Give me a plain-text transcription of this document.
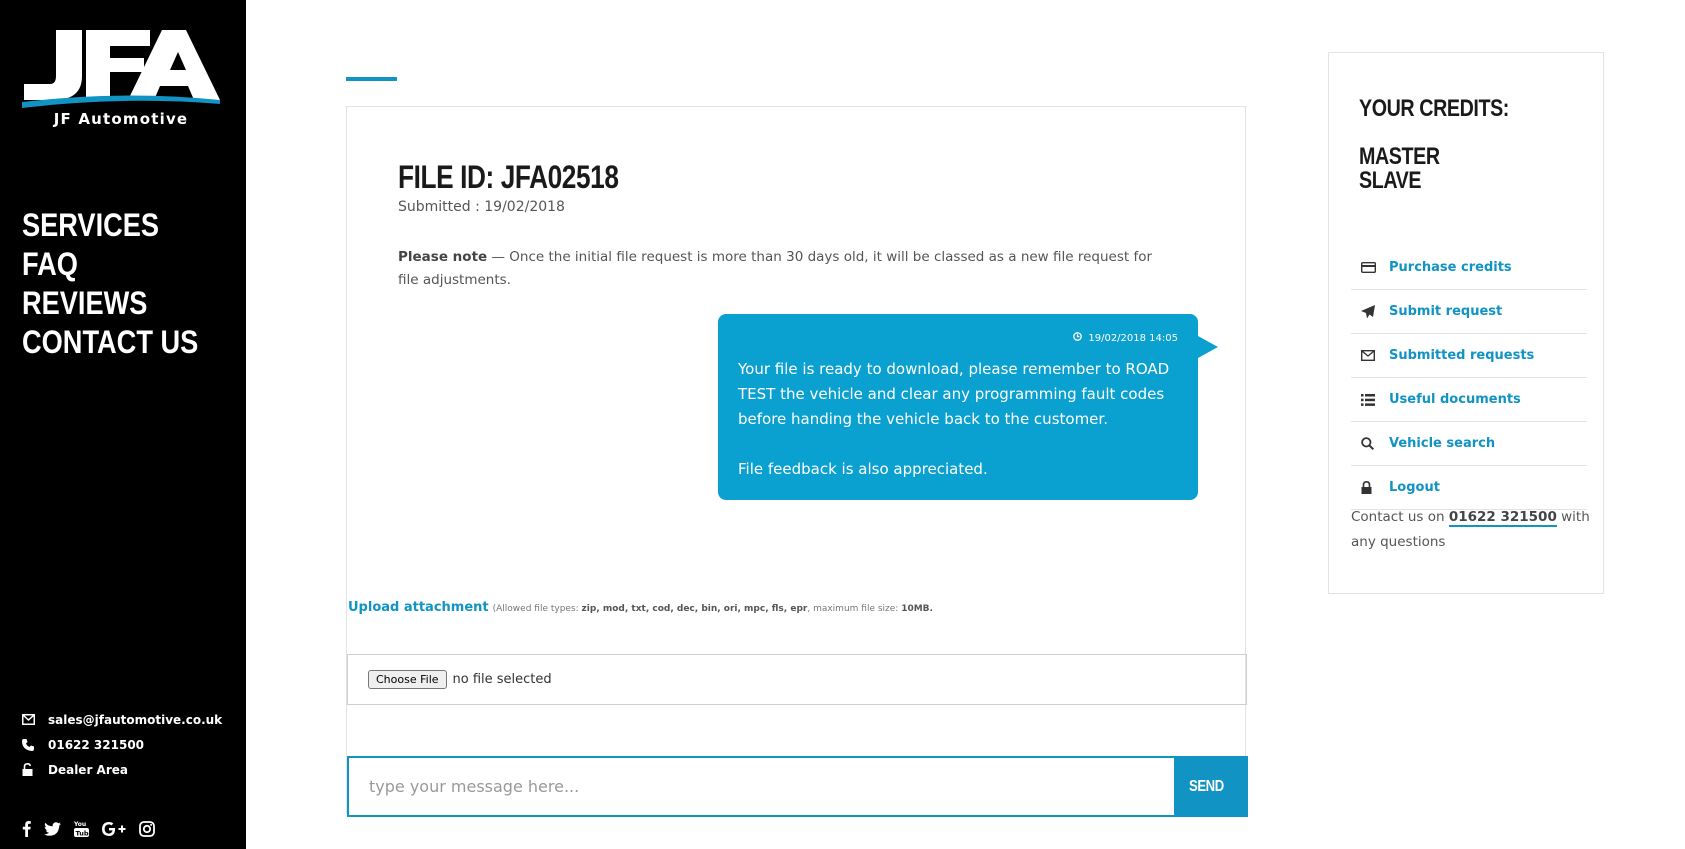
JF Automotive
SERVICES
FAQ
REVIEWS
CONTACT US
sales@jfautomotive.co.uk
01622 321500
Dealer Area
You
Tube
FILE ID: JFA02518
Submitted : 19/02/2018
Please note — Once the initial file request is more than 30 days old, it will be classed as a new file request for file adjustments.
19/02/2018 14:05

Your file is ready to download, please remember to ROAD TEST the vehicle and clear any programming fault codes before handing the vehicle back to the customer.

File feedback is also appreciated.

Upload attachment (Allowed file types: zip, mod, txt, cod, dec, bin, ori, mpc, fls, epr, maximum file size: 10MB.
Choose File	no file selected
type your message here...
SEND
YOUR CREDITS:
MASTER
SLAVE
Purchase credits
Submit request
Submitted requests
Useful documents
Vehicle search
Logout
Contact us on 01622 321500 with any questions
